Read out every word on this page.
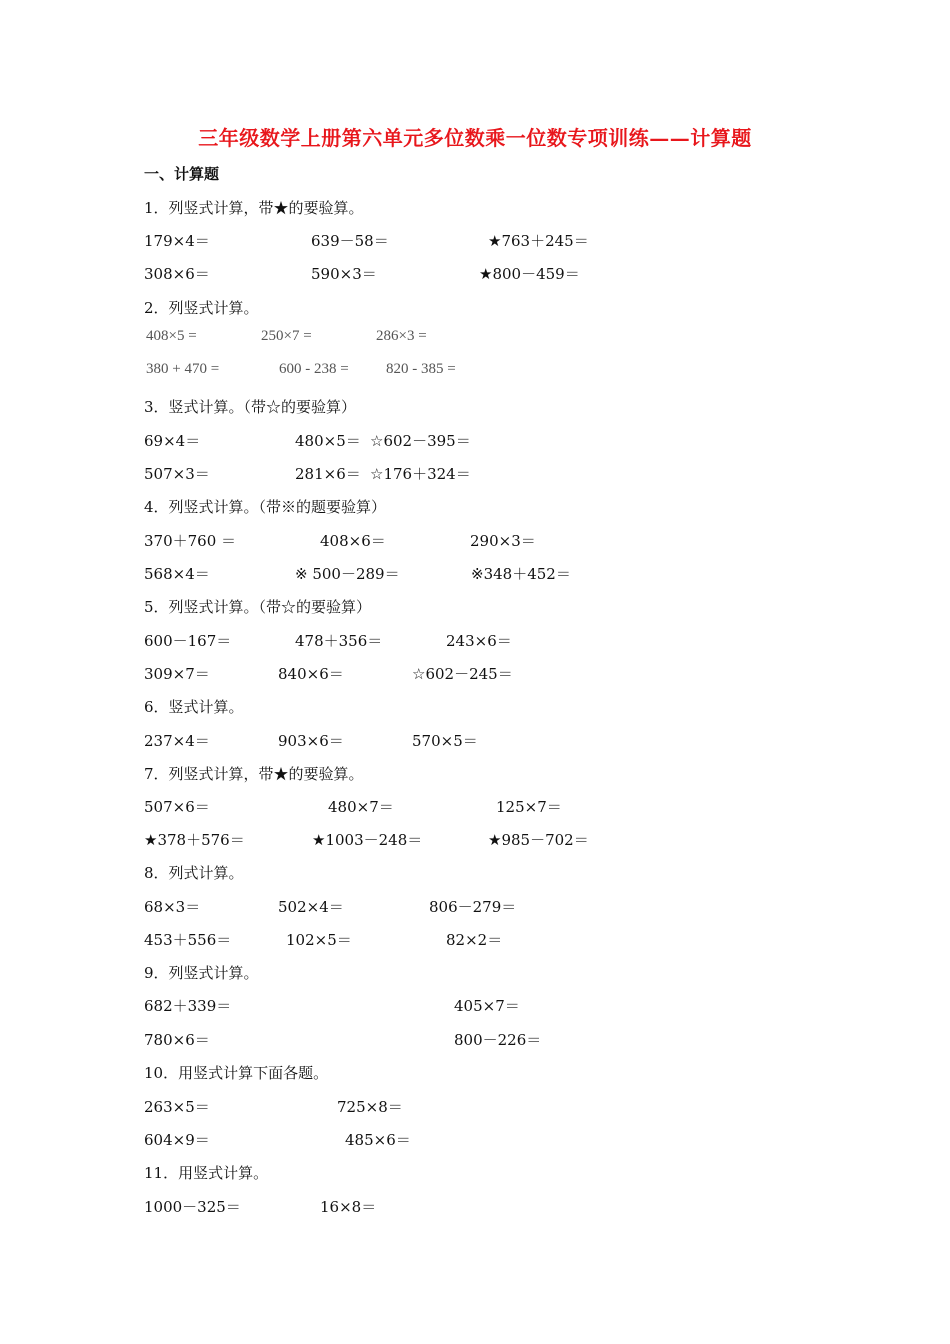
三年级数学上册第六单元多位数乘一位数专项训练——计算题
一、计算题
1．列竖式计算，带★的要验算。
179×4＝	639－58＝	★763＋245＝
308×6＝	590×3＝	★800－459＝
2．列竖式计算。
408×5 =	250×7 =	286×3 =
380 + 470 =	600 - 238 = 820 - 385 =
3．竖式计算。（带☆的要验算）
69×4＝	480×5＝ ☆602－395＝
507×3＝	281×6＝ ☆176＋324＝
4．列竖式计算。（带※的题要验算）
370＋760 ＝	408×6＝	290×3＝
568×4＝	※ 500－289＝	※348＋452＝
5．列竖式计算。（带☆的要验算）
600－167＝	478＋356＝	243×6＝
309×7＝	840×6＝	☆602－245＝
6．竖式计算。
237×4＝	903×6＝	570×5＝
7．列竖式计算，带★的要验算。
507×6＝	480×7＝	125×7＝
★378＋576＝	★1003－248＝	★985－702＝
8．列式计算。
68×3＝	502×4＝	806－279＝
453＋556＝	102×5＝	82×2＝
9．列竖式计算。
682＋339＝	405×7＝
780×6＝	800－226＝
10．用竖式计算下面各题。
263×5＝	725×8＝
604×9＝	485×6＝
11．用竖式计算。
1000－325＝	16×8＝
